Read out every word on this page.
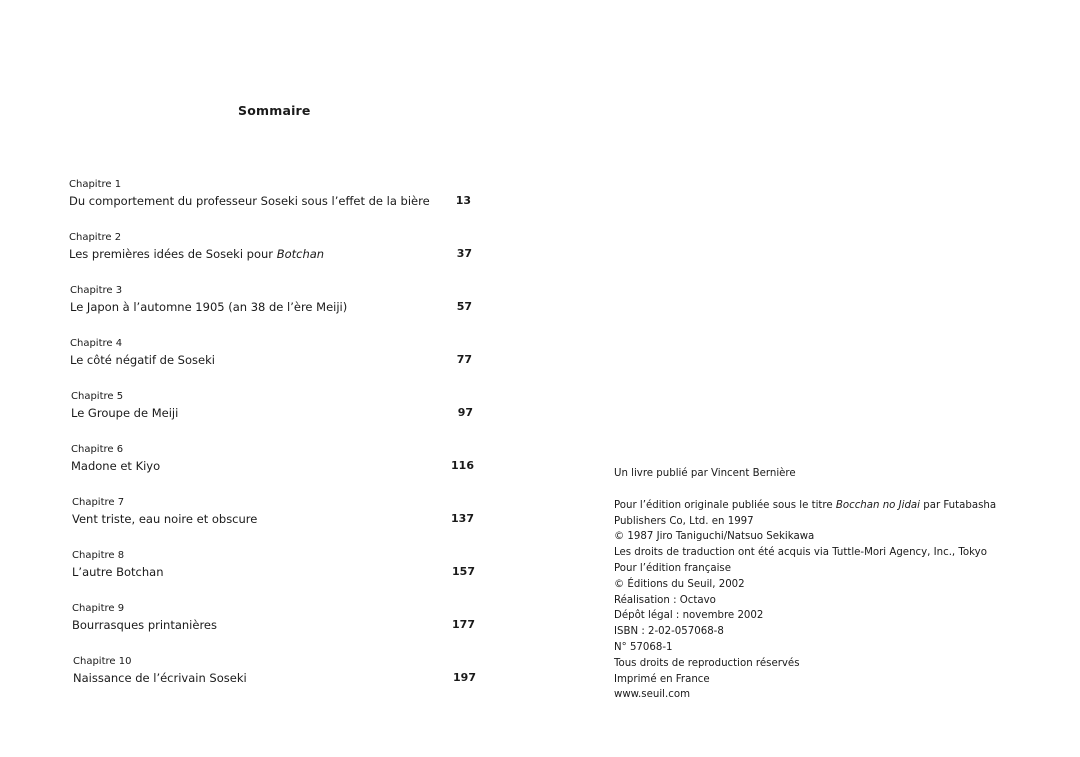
Sommaire
Chapitre 1
Du comportement du professeur Soseki sous l’effet de la bière 13
Chapitre 2
Les premières idées de Soseki pour Botchan	37
Chapitre 3
Le Japon à l’automne 1905 (an 38 de l’ère Meiji)	57
Chapitre 4
Le côté négatif de Soseki	77
Chapitre 5
Le Groupe de Meiji	97
Chapitre 6
Madone et Kiyo	116
Chapitre 7
Vent triste, eau noire et obscure	137
Chapitre 8
L’autre Botchan	157
Chapitre 9
Bourrasques printanières	177
Chapitre 10
Naissance de l’écrivain Soseki	197
Un livre publié par Vincent Bernière
Pour l’édition originale publiée sous le titre Bocchan no Jidai par Futabasha
Publishers Co, Ltd. en 1997
© 1987 Jiro Taniguchi/Natsuo Sekikawa
Les droits de traduction ont été acquis via Tuttle-Mori Agency, Inc., Tokyo
Pour l’édition française
© Éditions du Seuil, 2002
Réalisation : Octavo
Dépôt légal : novembre 2002
ISBN : 2-02-057068-8
N° 57068-1
Tous droits de reproduction réservés
Imprimé en France
www.seuil.com
